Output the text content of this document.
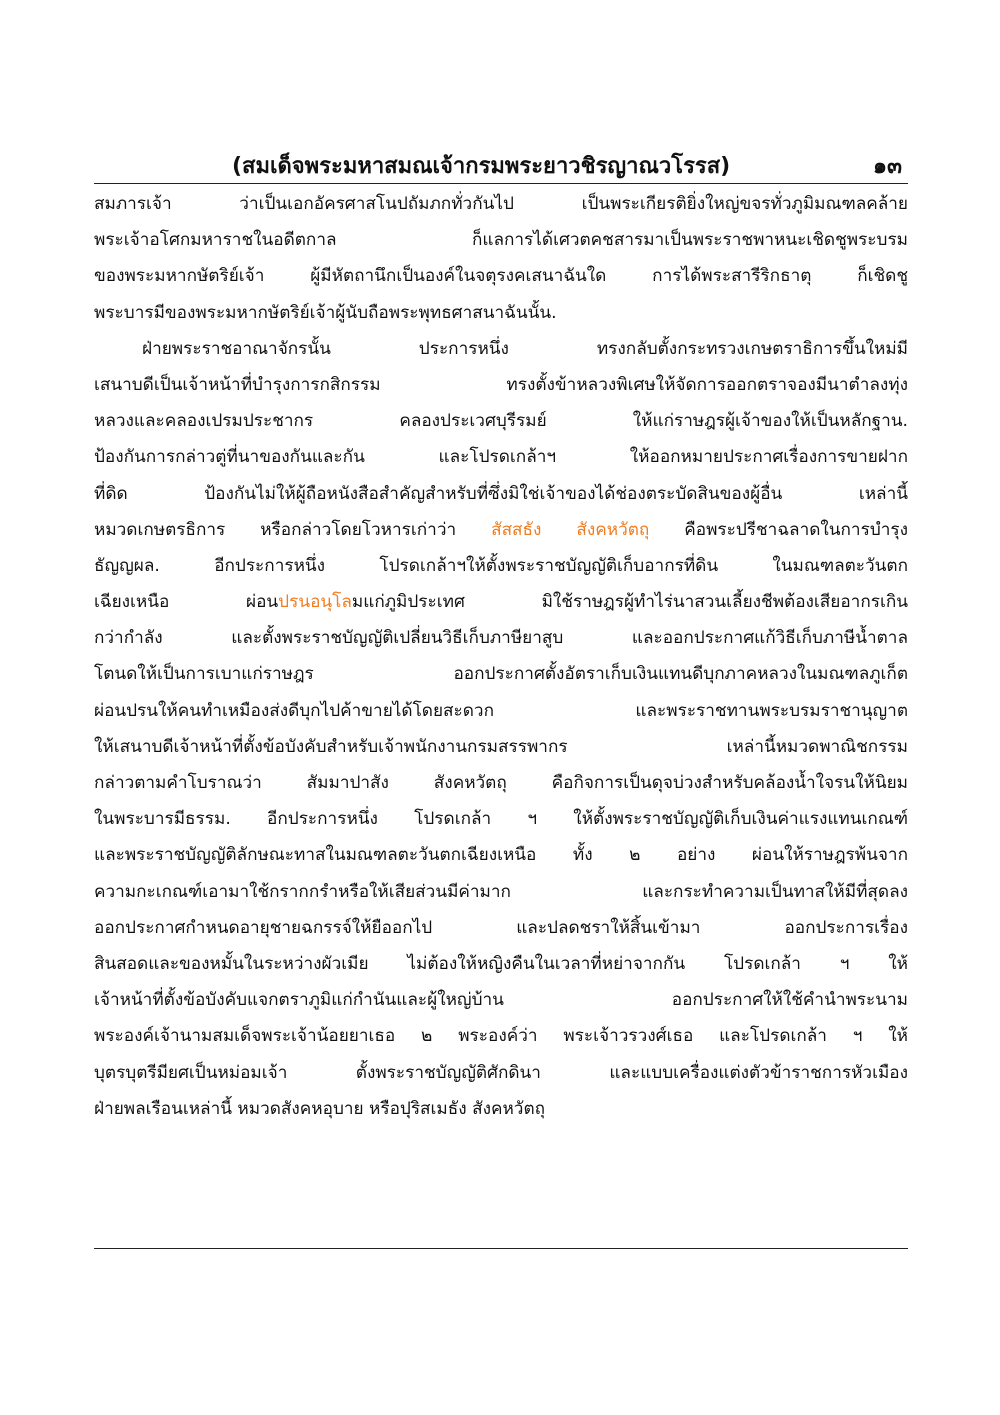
(สมเด็จพระมหาสมณเจ้ากรมพระยาวชิรญาณวโรรส)	๑๓
สมภารเจ้า ว่าเป็นเอกอัครศาสโนปถัมภกทั่วกันไป เป็นพระเกียรติยิ่งใหญ่ขจรทั่วภูมิมณฑลคล้าย
พระเจ้าอโศกมหาราชในอดีตกาล ก็แลการได้เศวตคชสารมาเป็นพระราชพาหนะเชิดชูพระบรม
ของพระมหากษัตริย์เจ้า ผู้มีหัตถานึกเป็นองค์ในจตุรงคเสนาฉันใด การได้พระสารีริกธาตุ ก็เชิดชู
พระบารมีของพระมหากษัตริย์เจ้าผู้นับถือพระพุทธศาสนาฉันนั้น.
ฝ่ายพระราชอาณาจักรนั้น ประการหนึ่ง ทรงกลับตั้งกระทรวงเกษตราธิการขึ้นใหม่มี
เสนาบดีเป็นเจ้าหน้าที่บำรุงการกสิกรรม ทรงตั้งข้าหลวงพิเศษให้จัดการออกตราจองมีนาตำลงทุ่ง
หลวงและคลองเปรมประชากร คลองประเวศบุรีรมย์ ให้แก่ราษฎรผู้เจ้าของให้เป็นหลักฐาน.
ป้องกันการกล่าวตู่ที่นาของกันและกัน และโปรดเกล้าฯ ให้ออกหมายประกาศเรื่องการขายฝาก
ที่ดิด ป้องกันไม่ให้ผู้ถือหนังสือสำคัญสำหรับที่ซึ่งมิใช่เจ้าของได้ช่องตระบัดสินของผู้อื่น เหล่านี้
หมวดเกษตรธิการ หรือกล่าวโดยโวหารเก่าว่า สัสสธัง สังคหวัตถุ คือพระปรีชาฉลาดในการบำรุง
ธัญญผล. อีกประการหนึ่ง โปรดเกล้าฯให้ตั้งพระราชบัญญัติเก็บอากรที่ดิน ในมณฑลตะวันตก
เฉียงเหนือ ผ่อนปรนอนุโลมแก่ภูมิประเทศ มิใช้ราษฎรผู้ทำไร่นาสวนเลี้ยงชีพต้องเสียอากรเกิน
กว่ากำลัง และตั้งพระราชบัญญัติเปลี่ยนวิธีเก็บภาษียาสูบ และออกประกาศแก้วิธีเก็บภาษีน้ำตาล
โตนดให้เป็นการเบาแก่ราษฎร ออกประกาศตั้งอัตราเก็บเงินแทนดีบุกภาคหลวงในมณฑลภูเก็ต
ผ่อนปรนให้คนทำเหมืองส่งดีบุกไปค้าขายได้โดยสะดวก และพระราชทานพระบรมราชานุญาต
ให้เสนาบดีเจ้าหน้าที่ตั้งข้อบังคับสำหรับเจ้าพนักงานกรมสรรพากร เหล่านี้หมวดพาณิชกรรม
กล่าวตามคำโบราณว่า สัมมาปาสัง สังคหวัตถุ คือกิจการเป็นดุจบ่วงสำหรับคล้องน้ำใจรนให้นิยม
ในพระบารมีธรรม. อีกประการหนึ่ง โปรดเกล้า ฯ ให้ตั้งพระราชบัญญัติเก็บเงินค่าแรงแทนเกณฑ์
และพระราชบัญญัติลักษณะทาสในมณฑลตะวันตกเฉียงเหนือ ทั้ง ๒ อย่าง ผ่อนให้ราษฎรพ้นจาก
ความกะเกณฑ์เอามาใช้กรากกรำหรือให้เสียส่วนมีค่ามาก และกระทำความเป็นทาสให้มีที่สุดลง
ออกประกาศกำหนดอายุชายฉกรรจ์ให้ยืออกไป และปลดชราให้สิ้นเข้ามา ออกประการเรื่อง
สินสอดและของหมั้นในระหว่างผัวเมีย ไม่ต้องให้หญิงคืนในเวลาที่หย่าจากกัน โปรดเกล้า ฯ ให้
เจ้าหน้าที่ตั้งข้อบังคับแจกตราภูมิแก่กำนันและผู้ใหญ่บ้าน ออกประกาศให้ใช้คำนำพระนาม
พระองค์เจ้านามสมเด็จพระเจ้าน้อยยาเธอ ๒ พระองค์ว่า พระเจ้าวรวงศ์เธอ และโปรดเกล้า ฯ ให้
บุตรบุตรีมียศเป็นหม่อมเจ้า ตั้งพระราชบัญญัติศักดินา และแบบเครื่องแต่งตัวข้าราชการหัวเมือง
ฝ่ายพลเรือนเหล่านี้ หมวดสังคหอุบาย หรือปุริสเมธัง สังคหวัตถุ
